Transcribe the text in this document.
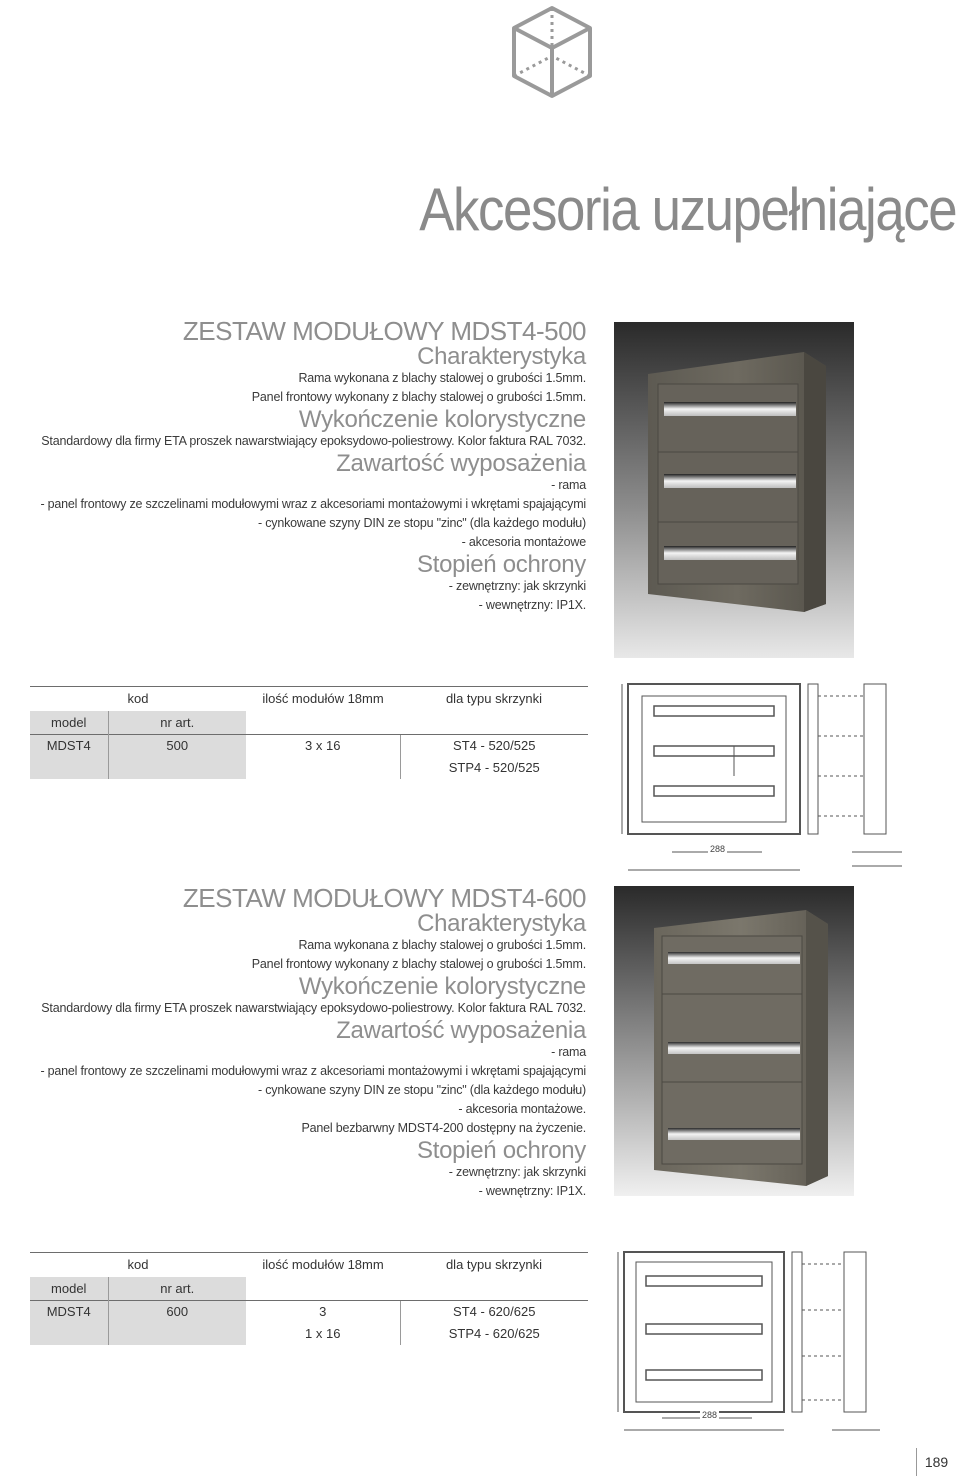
Akcesoria uzupełniające
ZESTAW MODUŁOWY MDST4-500
Charakterystyka
Rama wykonana z blachy stalowej o grubości 1.5mm.
Panel frontowy wykonany z blachy stalowej o grubości 1.5mm.
Wykończenie kolorystyczne
Standardowy dla firmy ETA proszek nawarstwiający epoksydowo-poliestrowy. Kolor faktura RAL 7032.
Zawartość wyposażenia
- rama
- panel frontowy ze szczelinami modułowymi wraz z akcesoriami montażowymi i wkrętami spajającymi
- cynkowane szyny DIN ze stopu "zinc" (dla każdego modułu)
- akcesoria montażowe
Stopień ochrony
- zewnętrzny: jak skrzynki
- wewnętrzny: IP1X.
kod		ilość modułów 18mm	dla typu skrzynki
model	nr art.		
MDST4	500	3 x 16	ST4 - 520/525
			STP4 - 520/525
288
ZESTAW MODUŁOWY MDST4-600
Charakterystyka
Rama wykonana z blachy stalowej o grubości 1.5mm.
Panel frontowy wykonany z blachy stalowej o grubości 1.5mm.
Wykończenie kolorystyczne
Standardowy dla firmy ETA proszek nawarstwiający epoksydowo-poliestrowy. Kolor faktura RAL 7032.
Zawartość wyposażenia
- rama
- panel frontowy ze szczelinami modułowymi wraz z akcesoriami montażowymi i wkrętami spajającymi
- cynkowane szyny DIN ze stopu "zinc" (dla każdego modułu)
- akcesoria montażowe.
Panel bezbarwny MDST4-200 dostępny na życzenie.
Stopień ochrony
- zewnętrzny: jak skrzynki
- wewnętrzny: IP1X.
kod		ilość modułów 18mm	dla typu skrzynki
model	nr art.		
MDST4	600	3	ST4 - 620/625
		1 x 16	STP4 - 620/625
288
189
